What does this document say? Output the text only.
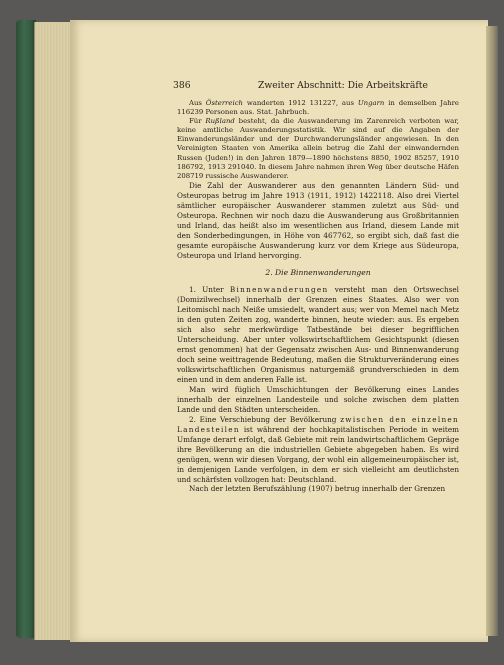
386	Zweiter Abschnitt: Die Arbeitskräfte

Aus Österreich wanderten 1912 131227, aus Ungarn in demselben Jahre 116239 Personen aus. Stat. Jahrbuch.

Für Rußland besteht, da die Auswanderung im Zarenreich verboten war, keine amtliche Auswanderungsstatistik. Wir sind auf die Angaben der Einwanderungsländer und der Durchwanderungsländer angewiesen. In den Vereinigten Staaten von Amerika allein betrug die Zahl der einwandernden Russen (Juden!) in den Jahren 1879—1890 höchstens 8850, 1902 85257, 1910 186792, 1913 291040. In diesem Jahre nahmen ihren Weg über deutsche Häfen 208719 russische Auswanderer.

Die Zahl der Auswanderer aus den genannten Ländern Süd- und Osteuropas betrug im Jahre 1913 (1911, 1912) 1422118. Also drei Viertel sämtlicher europäischer Auswanderer stammen zuletzt aus Süd- und Osteuropa. Rechnen wir noch dazu die Auswanderung aus Großbritannien und Irland, das heißt also im wesentlichen aus Irland, diesem Lande mit den Sonderbedingungen, in Höhe von 467762, so ergibt sich, daß fast die gesamte europäische Auswanderung kurz vor dem Kriege aus Südeuropa, Osteuropa und Irland hervorging.

2. Die Binnenwanderungen

1. Unter Binnenwanderungen versteht man den Ortswechsel (Domizilwechsel) innerhalb der Grenzen eines Staates. Also wer von Leitomischl nach Neiße umsiedelt, wandert aus; wer von Memel nach Metz in den guten Zeiten zog, wanderte binnen, heute wieder: aus. Es ergeben sich also sehr merkwürdige Tatbestände bei dieser begrifflichen Unterscheidung. Aber unter volkswirtschaftlichem Gesichtspunkt (diesen ernst genommen) hat der Gegensatz zwischen Aus- und Binnenwanderung doch seine weittragende Bedeutung, maßen die Strukturveränderung eines volkswirtschaftlichen Organismus naturgemäß grundverschieden in dem einen und in dem anderen Falle ist.

Man wird füglich Umschichtungen der Bevölkerung eines Landes innerhalb der einzelnen Landesteile und solche zwischen dem platten Lande und den Städten unterscheiden.

2. Eine Verschiebung der Bevölkerung zwischen den einzelnen Landesteilen ist während der hochkapitalistischen Periode in weitem Umfange derart erfolgt, daß Gebiete mit rein landwirtschaftlichem Gepräge ihre Bevölkerung an die industriellen Gebiete abgegeben haben. Es wird genügen, wenn wir diesen Vorgang, der wohl ein allgemeineuropäischer ist, in demjenigen Lande verfolgen, in dem er sich vielleicht am deutlichsten und schärfsten vollzogen hat: Deutschland.

Nach der letzten Berufszählung (1907) betrug innerhalb der Grenzen
